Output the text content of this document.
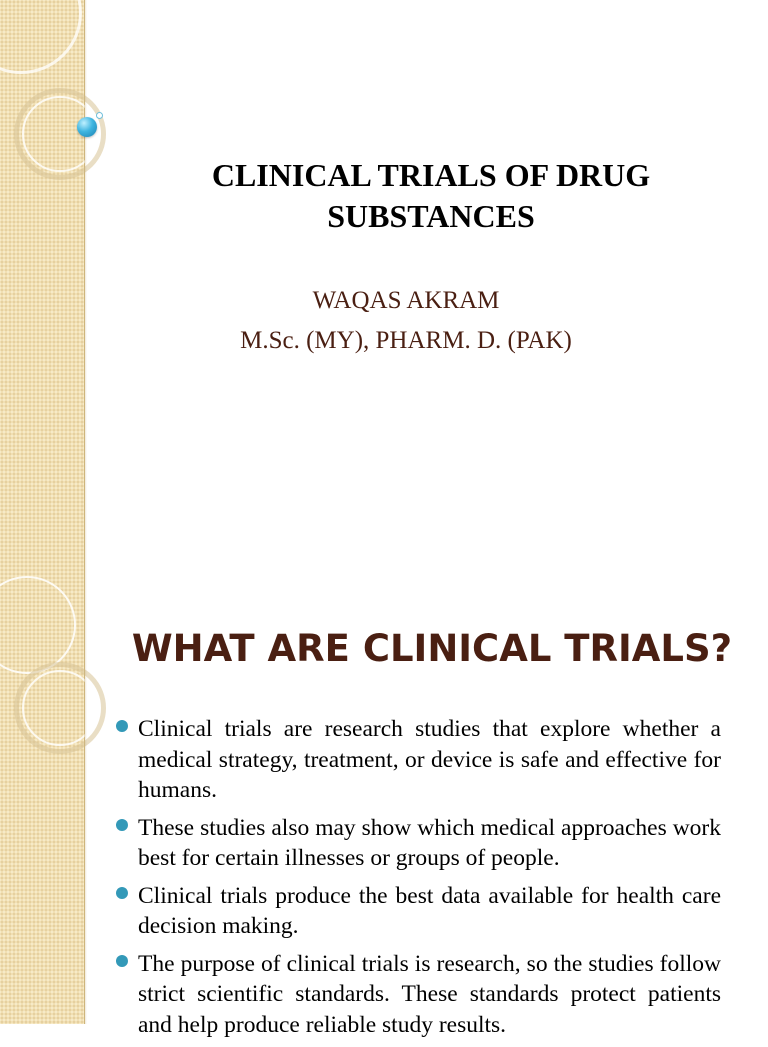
CLINICAL TRIALS OF DRUG SUBSTANCES
WAQAS AKRAM
M.Sc. (MY), PHARM. D. (PAK)
WHAT ARE CLINICAL TRIALS?
Clinical trials are research studies that explore whether a medical strategy, treatment, or device is safe and effective for humans.
These studies also may show which medical approaches work best for certain illnesses or groups of people.
Clinical trials produce the best data available for health care decision making.
The purpose of clinical trials is research, so the studies follow strict scientific standards. These standards protect patients and help produce reliable study results.
